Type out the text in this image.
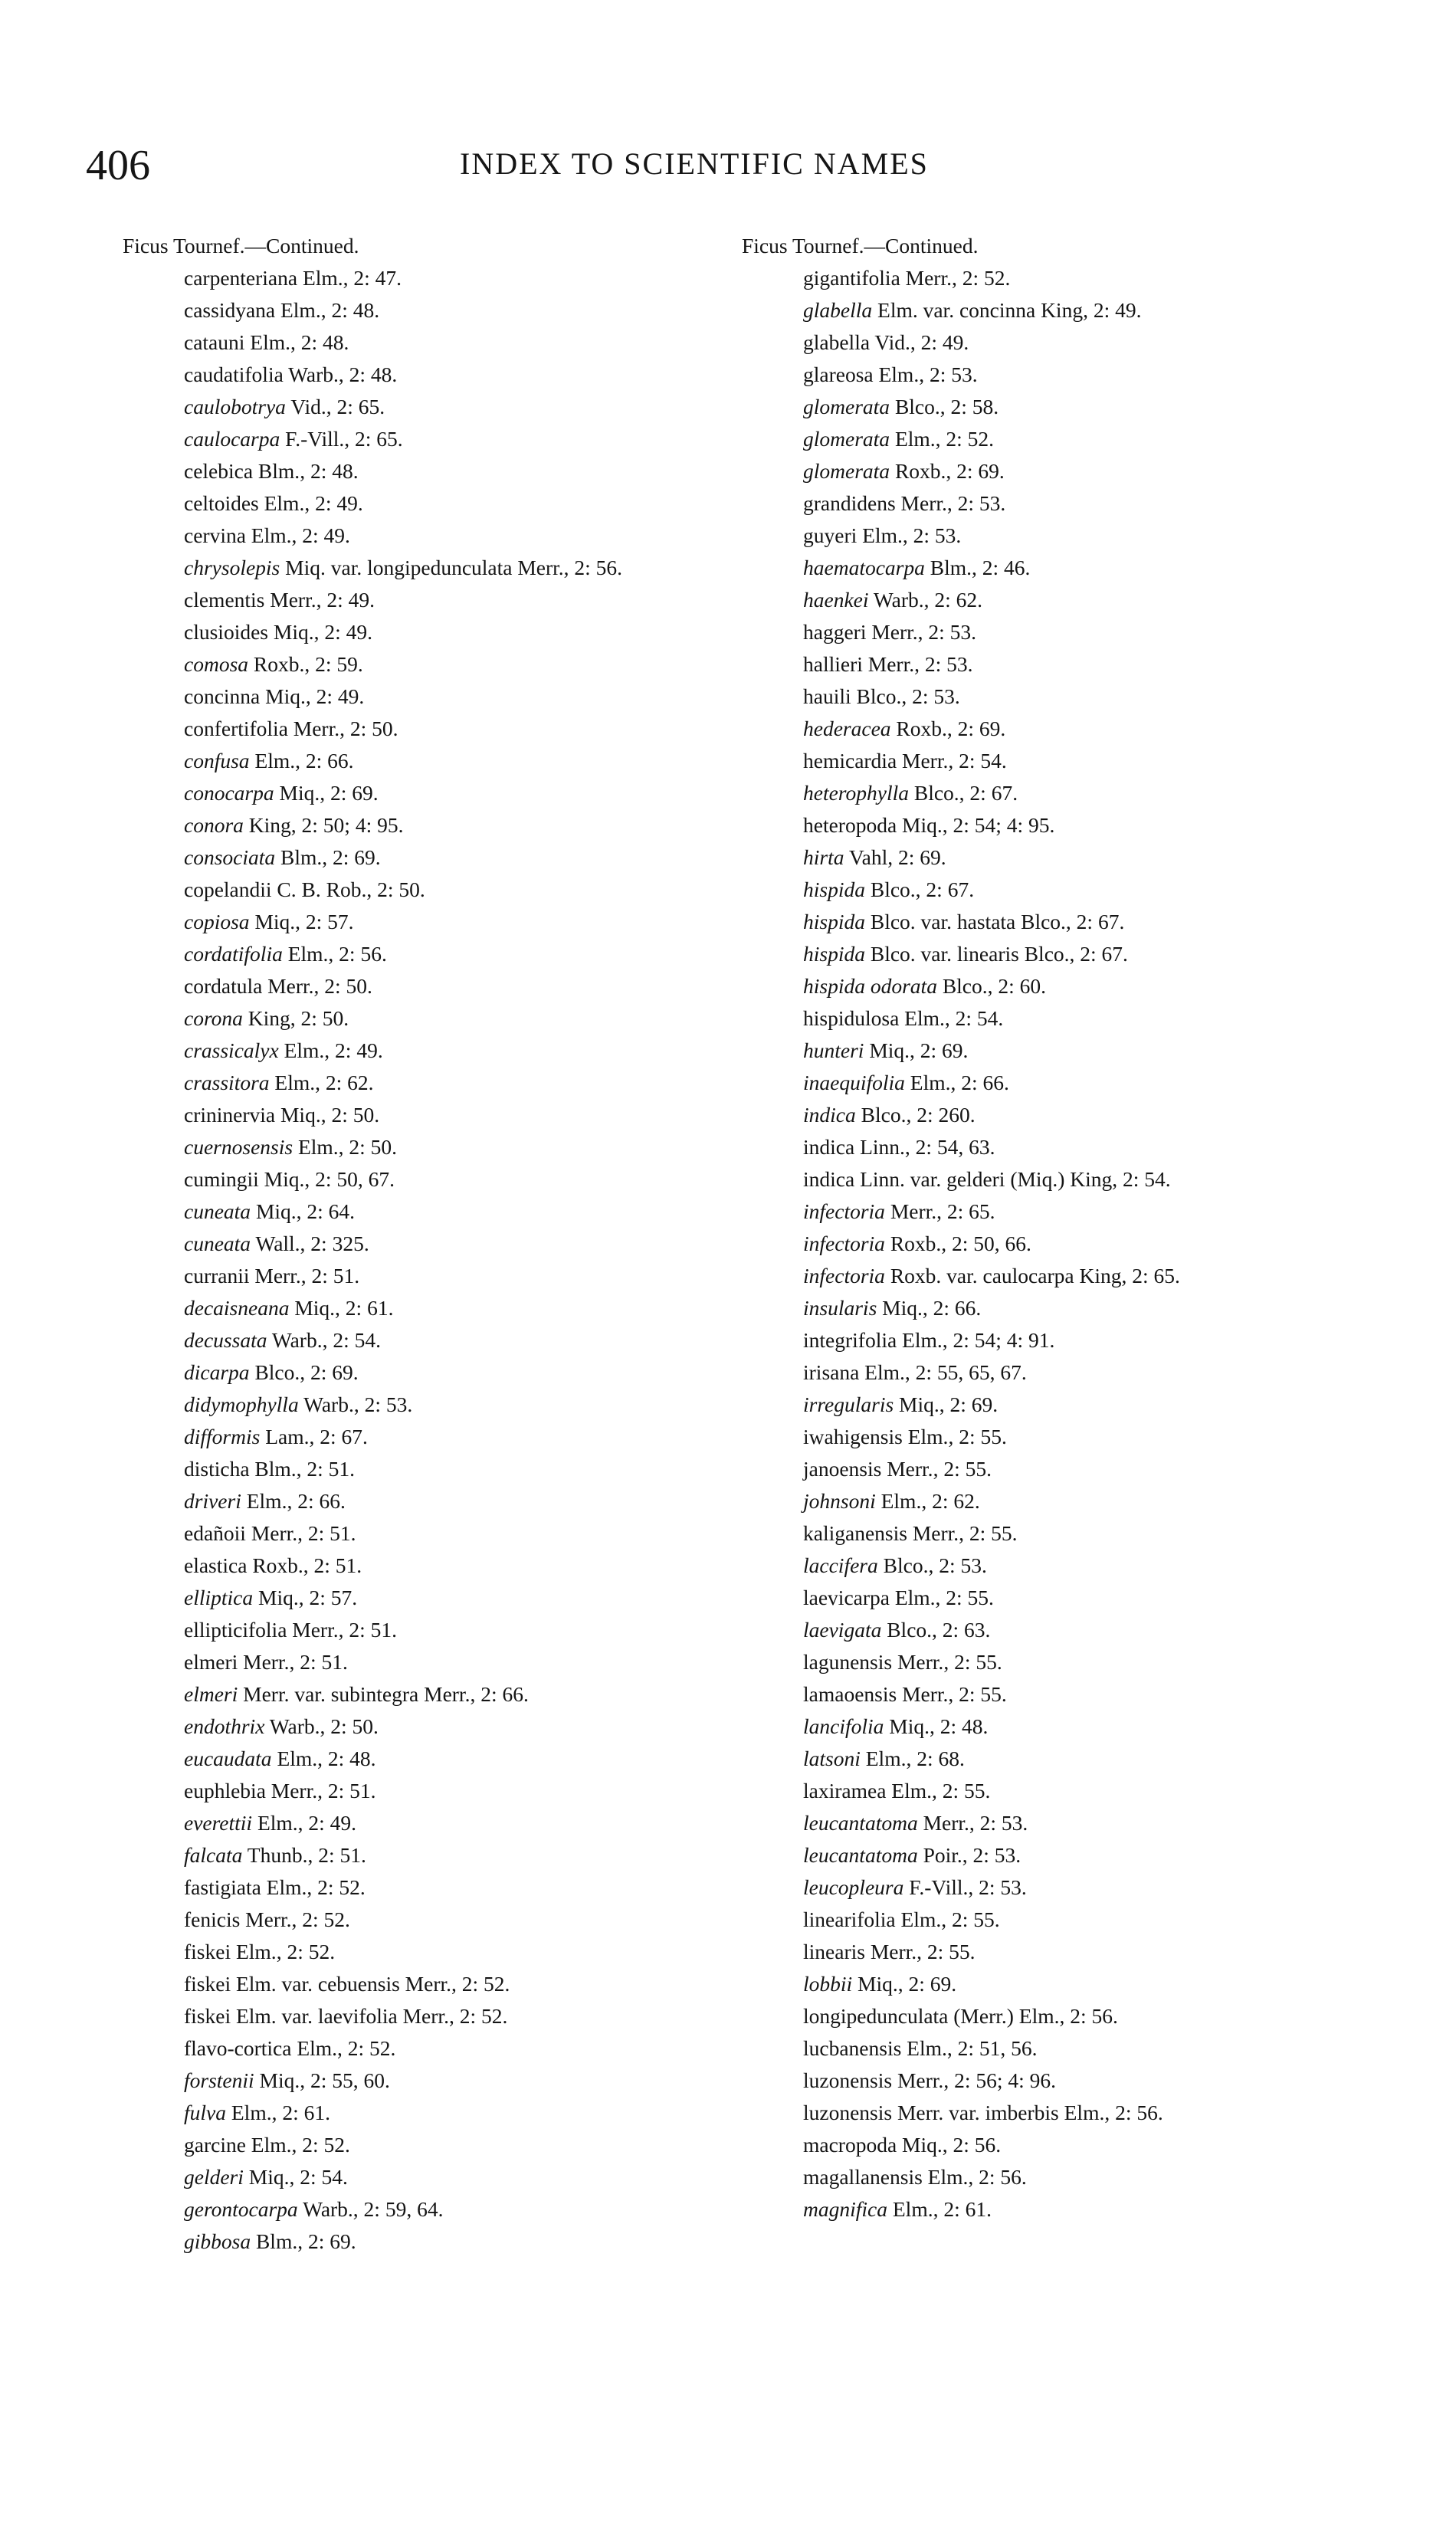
406	INDEX TO SCIENTIFIC NAMES
Ficus Tournef.—Continued.
carpenteriana Elm., 2: 47.
cassidyana Elm., 2: 48.
catauni Elm., 2: 48.
caudatifolia Warb., 2: 48.
caulobotrya Vid., 2: 65.
caulocarpa F.-Vill., 2: 65.
celebica Blm., 2: 48.
celtoides Elm., 2: 49.
cervina Elm., 2: 49.
chrysolepis Miq. var. longipedunculata Merr., 2: 56.
clementis Merr., 2: 49.
clusioides Miq., 2: 49.
comosa Roxb., 2: 59.
concinna Miq., 2: 49.
confertifolia Merr., 2: 50.
confusa Elm., 2: 66.
conocarpa Miq., 2: 69.
conora King, 2: 50; 4: 95.
consociata Blm., 2: 69.
copelandii C. B. Rob., 2: 50.
copiosa Miq., 2: 57.
cordatifolia Elm., 2: 56.
cordatula Merr., 2: 50.
corona King, 2: 50.
crassicalyx Elm., 2: 49.
crassitora Elm., 2: 62.
crininervia Miq., 2: 50.
cuernosensis Elm., 2: 50.
cumingii Miq., 2: 50, 67.
cuneata Miq., 2: 64.
cuneata Wall., 2: 325.
curranii Merr., 2: 51.
decaisneana Miq., 2: 61.
decussata Warb., 2: 54.
dicarpa Blco., 2: 69.
didymophylla Warb., 2: 53.
difformis Lam., 2: 67.
disticha Blm., 2: 51.
driveri Elm., 2: 66.
edañoii Merr., 2: 51.
elastica Roxb., 2: 51.
elliptica Miq., 2: 57.
ellipticifolia Merr., 2: 51.
elmeri Merr., 2: 51.
elmeri Merr. var. subintegra Merr., 2: 66.
endothrix Warb., 2: 50.
eucaudata Elm., 2: 48.
euphlebia Merr., 2: 51.
everettii Elm., 2: 49.
falcata Thunb., 2: 51.
fastigiata Elm., 2: 52.
fenicis Merr., 2: 52.
fiskei Elm., 2: 52.
fiskei Elm. var. cebuensis Merr., 2: 52.
fiskei Elm. var. laevifolia Merr., 2: 52.
flavo-cortica Elm., 2: 52.
forstenii Miq., 2: 55, 60.
fulva Elm., 2: 61.
garcine Elm., 2: 52.
gelderi Miq., 2: 54.
gerontocarpa Warb., 2: 59, 64.
gibbosa Blm., 2: 69.
Ficus Tournef.—Continued.
gigantifolia Merr., 2: 52.
glabella Elm. var. concinna King, 2: 49.
glabella Vid., 2: 49.
glareosa Elm., 2: 53.
glomerata Blco., 2: 58.
glomerata Elm., 2: 52.
glomerata Roxb., 2: 69.
grandidens Merr., 2: 53.
guyeri Elm., 2: 53.
haematocarpa Blm., 2: 46.
haenkei Warb., 2: 62.
haggeri Merr., 2: 53.
hallieri Merr., 2: 53.
hauili Blco., 2: 53.
hederacea Roxb., 2: 69.
hemicardia Merr., 2: 54.
heterophylla Blco., 2: 67.
heteropoda Miq., 2: 54; 4: 95.
hirta Vahl, 2: 69.
hispida Blco., 2: 67.
hispida Blco. var. hastata Blco., 2: 67.
hispida Blco. var. linearis Blco., 2: 67.
hispida odorata Blco., 2: 60.
hispidulosa Elm., 2: 54.
hunteri Miq., 2: 69.
inaequifolia Elm., 2: 66.
indica Blco., 2: 260.
indica Linn., 2: 54, 63.
indica Linn. var. gelderi (Miq.) King, 2: 54.
infectoria Merr., 2: 65.
infectoria Roxb., 2: 50, 66.
infectoria Roxb. var. caulocarpa King, 2: 65.
insularis Miq., 2: 66.
integrifolia Elm., 2: 54; 4: 91.
irisana Elm., 2: 55, 65, 67.
irregularis Miq., 2: 69.
iwahigensis Elm., 2: 55.
janoensis Merr., 2: 55.
johnsoni Elm., 2: 62.
kaliganensis Merr., 2: 55.
laccifera Blco., 2: 53.
laevicarpa Elm., 2: 55.
laevigata Blco., 2: 63.
lagunensis Merr., 2: 55.
lamaoensis Merr., 2: 55.
lancifolia Miq., 2: 48.
latsoni Elm., 2: 68.
laxiramea Elm., 2: 55.
leucantatoma Merr., 2: 53.
leucantatoma Poir., 2: 53.
leucopleura F.-Vill., 2: 53.
linearifolia Elm., 2: 55.
linearis Merr., 2: 55.
lobbii Miq., 2: 69.
longipedunculata (Merr.) Elm., 2: 56.
lucbanensis Elm., 2: 51, 56.
luzonensis Merr., 2: 56; 4: 96.
luzonensis Merr. var. imberbis Elm., 2: 56.
macropoda Miq., 2: 56.
magallanensis Elm., 2: 56.
magnifica Elm., 2: 61.
